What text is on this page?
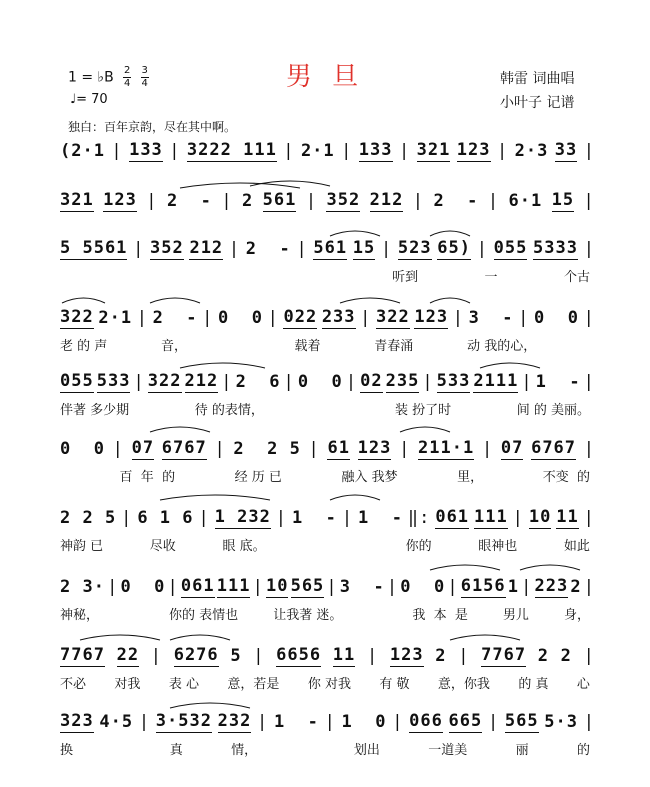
男 旦
1 = ♭B $\frac{2}{4}$
$\frac{3}{4}$
♩= 70
韩雷 词曲唱
小叶子 记谱
独白：百年京韵，尽在其中啊。
(2·1 | 133 | 3222 111 | 2·1 | 133 | 321 123 | 2·3 33 |
321 123 | 2  - | 2 561 | 352 212 | 2  - | 6·1 15 |
5 5561 | 352 212 | 2  - | 561 15 | 523 65) | 055 5333 |
听到	一	个古
322 2·1 | 2  - | 0  0 | 022 233 | 322 123 | 3  - | 0  0 |
老 的 声	音，	载着	青春涌	动 我的心，
055 533 | 322 212 | 2  6 | 0  0 | 02 235 | 533 2111 | 1  - |
伴著 多少期	待 的表情，	装 扮了时	间 的 美丽。
0  0 | 07 6767 | 2  2 5 | 61 123 | 211·1 | 07 6767 |
百  年  的	经 历 已	融入 我梦	里，	不变  的
2 2 5 | 6 1 6 | 1 232 | 1  - | 1  - ‖: 061 111 | 10 11 |
神韵 已	尽收	眼 底。	你的	眼神也	如此
2 3· | 0  0 | 061 111 | 10 565 | 3  - | 0  0 | 6156 1 | 223 2 |
神秘，	你的 表情也	让我著 迷。	我  本  是	男儿	身，
7767 22 | 6276 5 | 6656 11 | 123 2 | 7767 2 2 |
不必 对我 表 心 意，若是 你 对我 有 敬 意，你我 的 真 心
323 4·5 | 3·532 232 | 1  - | 1  0 | 066 665 | 565 5·3 |
换	真	情，	划出	一道美	丽	的
